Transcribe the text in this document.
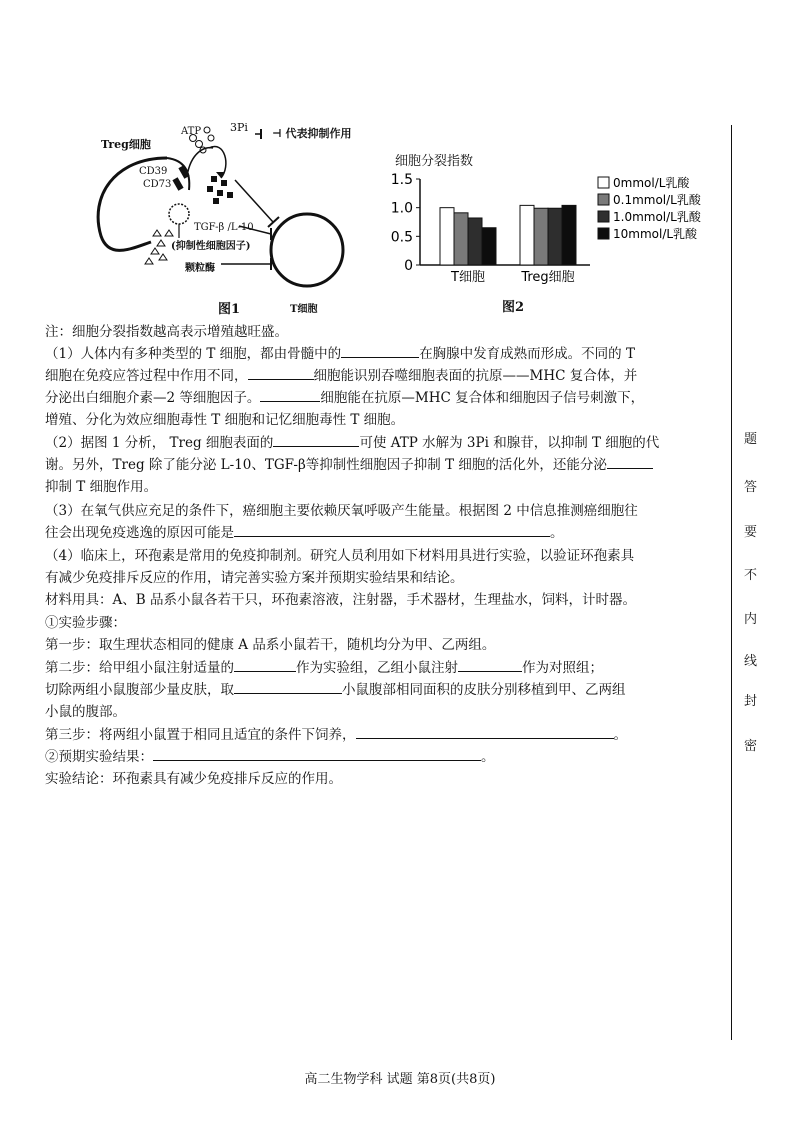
Treg细胞
ATP	3Pi ⊣ 代表抑制作用
CD39
CD73
TGF-β /L-10
(抑制性细胞因子)
颗粒酶
图1	T细胞
0
0.5
1.0
1.5
T细胞	Treg细胞
0mmol/L乳酸
0.1mmol/L乳酸
1.0mmol/L乳酸
10mmol/L乳酸
细胞分裂指数
图2
注：细胞分裂指数越高表示增殖越旺盛。
（1）人体内有多种类型的 T 细胞，都由骨髓中的	在胸腺中发育成熟而形成。不同的 T
细胞在免疫应答过程中作用不同，	细胞能识别吞噬细胞表面的抗原——MHC 复合体，并
分泌出白细胞介素—2 等细胞因子。	细胞能在抗原—MHC 复合体和细胞因子信号刺激下，
增殖、分化为效应细胞毒性 T 细胞和记忆细胞毒性 T 细胞。
（2）据图 1 分析， Treg 细胞表面的	可使 ATP 水解为 3Pi 和腺苷，以抑制 T 细胞的代
谢。另外，Treg 除了能分泌 L-10、TGF-β等抑制性细胞因子抑制 T 细胞的活化外，还能分泌
抑制 T 细胞作用。
（3）在氧气供应充足的条件下，癌细胞主要依赖厌氧呼吸产生能量。根据图 2 中信息推测癌细胞往
往会出现免疫逃逸的原因可能是	。
（4）临床上，环孢素是常用的免疫抑制剂。研究人员利用如下材料用具进行实验，以验证环孢素具
有减少免疫排斥反应的作用，请完善实验方案并预期实验结果和结论。
材料用具：A、B 品系小鼠各若干只，环孢素溶液，注射器，手术器材，生理盐水，饲料，计时器。
①实验步骤：
第一步：取生理状态相同的健康 A 品系小鼠若干，随机均分为甲、乙两组。
第二步：给甲组小鼠注射适量的	作为实验组，乙组小鼠注射	作为对照组；
切除两组小鼠腹部少量皮肤，取	小鼠腹部相同面积的皮肤分别移植到甲、乙两组
小鼠的腹部。
第三步：将两组小鼠置于相同且适宜的条件下饲养，	。
②预期实验结果：	。
实验结论：环孢素具有减少免疫排斥反应的作用。
题
答
要
不
内
线
封
密
高二生物学科 试题 第8页(共8页)
